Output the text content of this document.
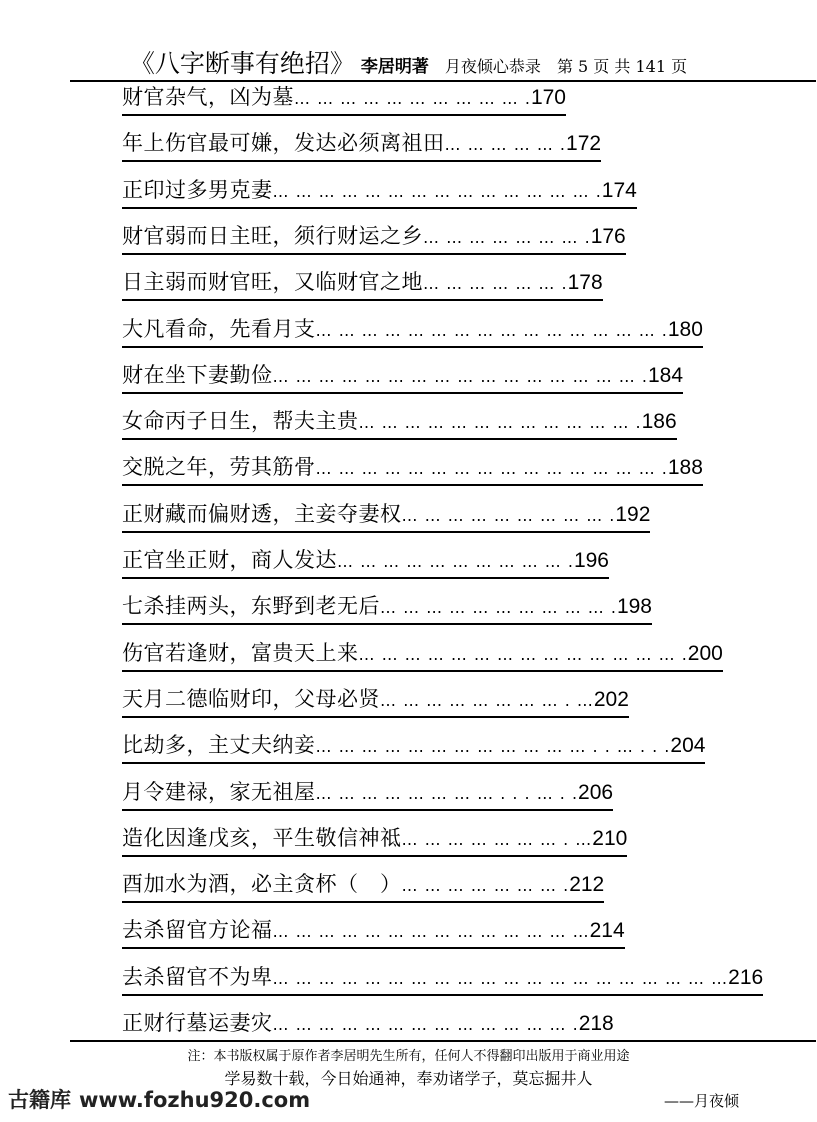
《八字断事有绝招》 李居明著 月夜倾心恭录 第 5 页 共 141 页
财官杂气，凶为墓… … … … … … … … … … .170
年上伤官最可嫌，发达必须离祖田… … … … … .172
正印过多男克妻… … … … … … … … … … … … … … .174
财官弱而日主旺，须行财运之乡… … … … … … … .176
日主弱而财官旺，又临财官之地… … … … … … .178
大凡看命，先看月支… … … … … … … … … … … … … … … .180
财在坐下妻勤俭… … … … … … … … … … … … … … … … .184
女命丙子日生，帮夫主贵… … … … … … … … … … … … .186
交脱之年，劳其筋骨… … … … … … … … … … … … … … … .188
正财藏而偏财透，主妾夺妻权… … … … … … … … … .192
正官坐正财，商人发达… … … … … … … … … … .196
七杀挂两头，东野到老无后… … … … … … … … … … .198
伤官若逢财，富贵天上来… … … … … … … … … … … … … … .200
天月二德临财印，父母必贤… … … … … … … … . …202
比劫多，主丈夫纳妾… … … … … … … … … … … … . . … . . .204
月令建禄，家无祖屋… … … … … … … … . . . … . .206
造化因逢戊亥，平生敬信神祗… … … … … … … . …210
酉加水为酒，必主贪杯（　）… … … … … … … .212
去杀留官方论福… … … … … … … … … … … … … …214
去杀留官不为卑… … … … … … … … … … … … … … … … … … … …216
正财行墓运妻灾… … … … … … … … … … … … … .218
注：本书版权属于原作者李居明先生所有，任何人不得翻印出版用于商业用途
学易数十载，今日始通神，奉劝诸学子，莫忘掘井人
古籍库 www.fozhu920.com	——月夜倾
